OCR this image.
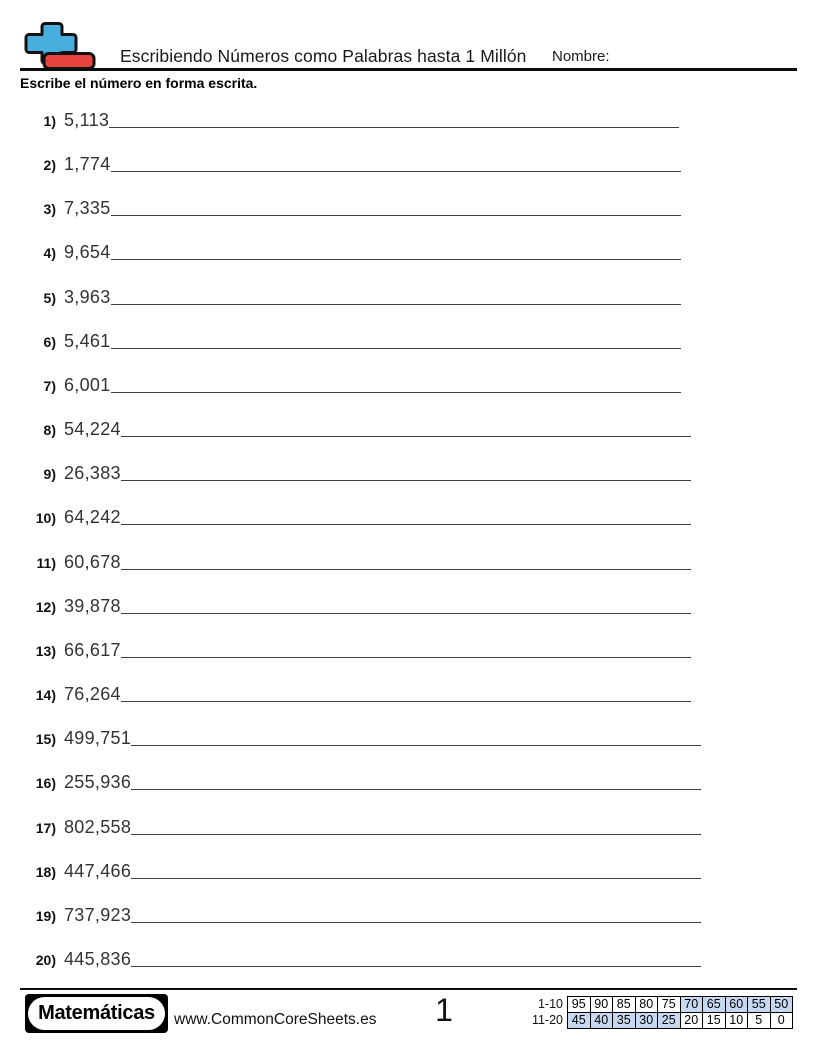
Escribiendo Números como Palabras hasta 1 Millón Nombre:
Escribe el número en forma escrita.
1) 5,113
2) 1,774
3) 7,335
4) 9,654
5) 3,963
6) 5,461
7) 6,001
8) 54,224
9) 26,383
10) 64,242
11) 60,678
12) 39,878
13) 66,617
14) 76,264
15) 499,751
16) 255,936
17) 802,558
18) 447,466
19) 737,923
20) 445,836
Matemáticas	www.CommonCoreSheets.es	1	1-10 95 90 85 80 75 70 65 60 55 50
11-20 45 40 35 30 25 20 15 10 5	0
